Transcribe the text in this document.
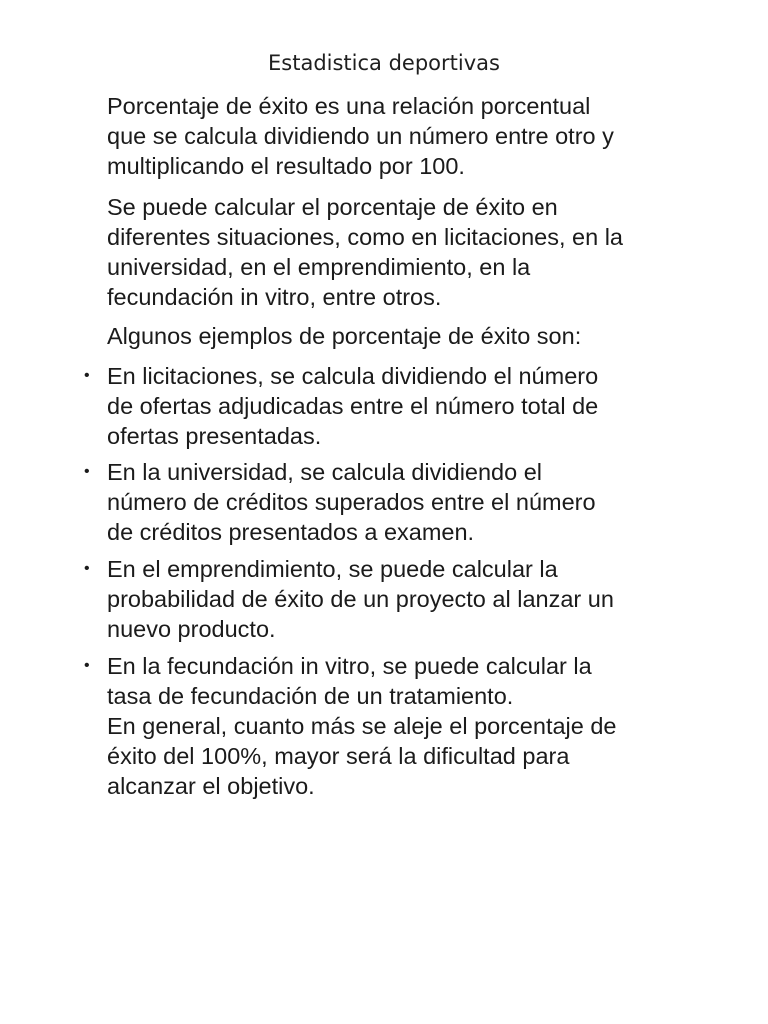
Estadistica deportivas
Porcentaje de éxito es una relación porcentual
que se calcula dividiendo un número entre otro y
multiplicando el resultado por 100.
Se puede calcular el porcentaje de éxito en
diferentes situaciones, como en licitaciones, en la
universidad, en el emprendimiento, en la
fecundación in vitro, entre otros.
Algunos ejemplos de porcentaje de éxito son:
• En licitaciones, se calcula dividiendo el número
de ofertas adjudicadas entre el número total de
ofertas presentadas.
• En la universidad, se calcula dividiendo el
número de créditos superados entre el número
de créditos presentados a examen.
• En el emprendimiento, se puede calcular la
probabilidad de éxito de un proyecto al lanzar un
nuevo producto.
• En la fecundación in vitro, se puede calcular la
tasa de fecundación de un tratamiento.
En general, cuanto más se aleje el porcentaje de
éxito del 100%, mayor será la dificultad para
alcanzar el objetivo.
